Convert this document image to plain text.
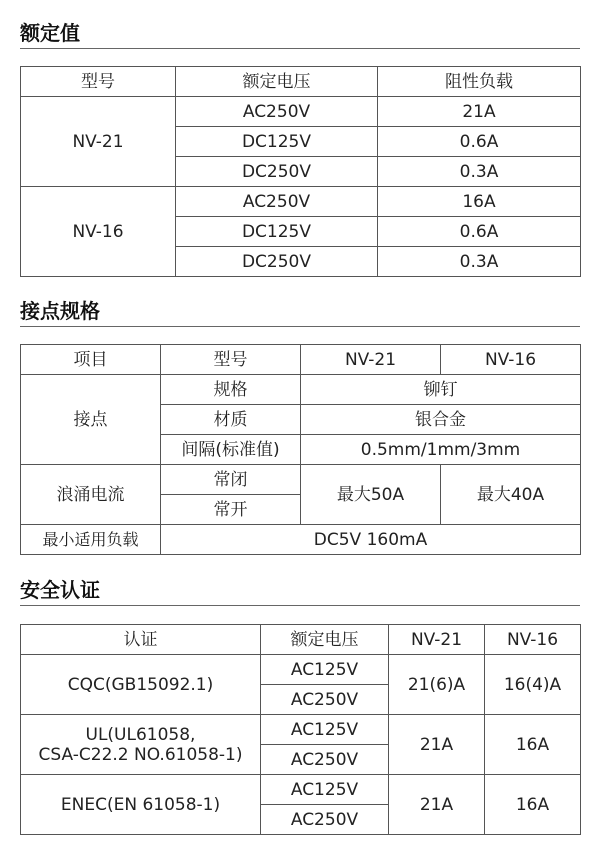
额定值
型号	额定电压	阻性负载
NV-21	AC250V	21A
	DC125V	0.6A
	DC250V	0.3A
NV-16	AC250V	16A
	DC125V	0.6A
	DC250V	0.3A
接点规格
项目	型号	NV-21	NV-16
接点	规格	铆钉	
	材质	银合金	
	间隔(标准值)	0.5mm/1mm/3mm	
浪涌电流	常闭	最大50A	最大40A
	常开		
最小适用负载	DC5V 160mA		
安全认证
认证	额定电压	NV-21	NV-16
CQC(GB15092.1)	AC125V	21(6)A	16(4)A
	AC250V		

UL(UL61058,
CSA-C22.2 NO.61058-1)	AC125V	21A	16A
	AC250V		
ENEC(EN 61058-1)	AC125V	21A	16A
	AC250V		
